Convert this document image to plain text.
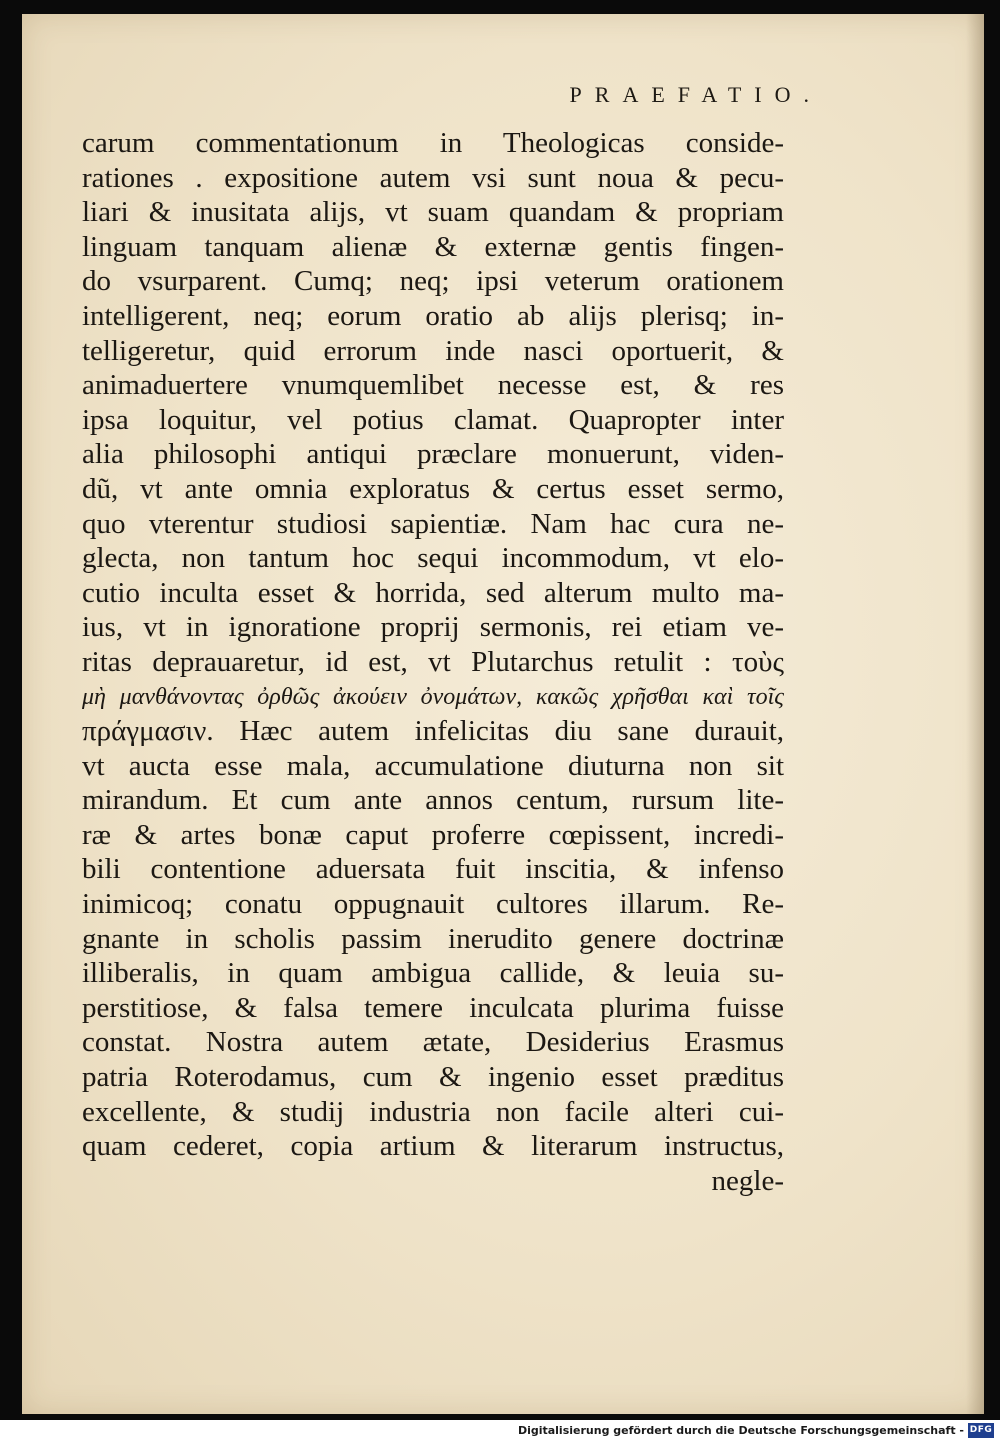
PRAEFATIO.
carum commentationum in Theologicas conside-
rationes . expositione autem vsi sunt noua & pecu-
liari & inusitata alijs, vt suam quandam & propriam
linguam tanquam alienæ & externæ gentis fingen-
do vsurparent. Cumq; neq; ipsi veterum orationem
intelligerent, neq; eorum oratio ab alijs plerisq; in-
telligeretur, quid errorum inde nasci oportuerit, &
animaduertere vnumquemlibet necesse est, & res
ipsa loquitur, vel potius clamat. Quapropter inter
alia philosophi antiqui præclare monuerunt, viden-
dũ, vt ante omnia exploratus & certus esset sermo,
quo vterentur studiosi sapientiæ. Nam hac cura ne-
glecta, non tantum hoc sequi incommodum, vt elo-
cutio inculta esset & horrida, sed alterum multo ma-
ius, vt in ignoratione proprij sermonis, rei etiam ve-
ritas deprauaretur, id est, vt Plutarchus retulit : τοὺς
μὴ μανθάνοντας ὀρθῶς ἀκούειν ὀνομάτων, κακῶς χρῆσθαι καὶ τοῖς
πράγμασιν. Hæc autem infelicitas diu sane durauit,
vt aucta esse mala, accumulatione diuturna non sit
mirandum. Et cum ante annos centum, rursum lite-
ræ & artes bonæ caput proferre cœpissent, incredi-
bili contentione aduersata fuit inscitia, & infenso
inimicoq; conatu oppugnauit cultores illarum. Re-
gnante in scholis passim inerudito genere doctrinæ
illiberalis, in quam ambigua callide, & leuia su-
perstitiose, & falsa temere inculcata plurima fuisse
constat. Nostra autem ætate, Desiderius Erasmus
patria Roterodamus, cum & ingenio esset præditus
excellente, & studij industria non facile alteri cui-
quam cederet, copia artium & literarum instructus,
negle-
Digitalisierung gefördert durch die Deutsche Forschungsgemeinschaft - DFG
